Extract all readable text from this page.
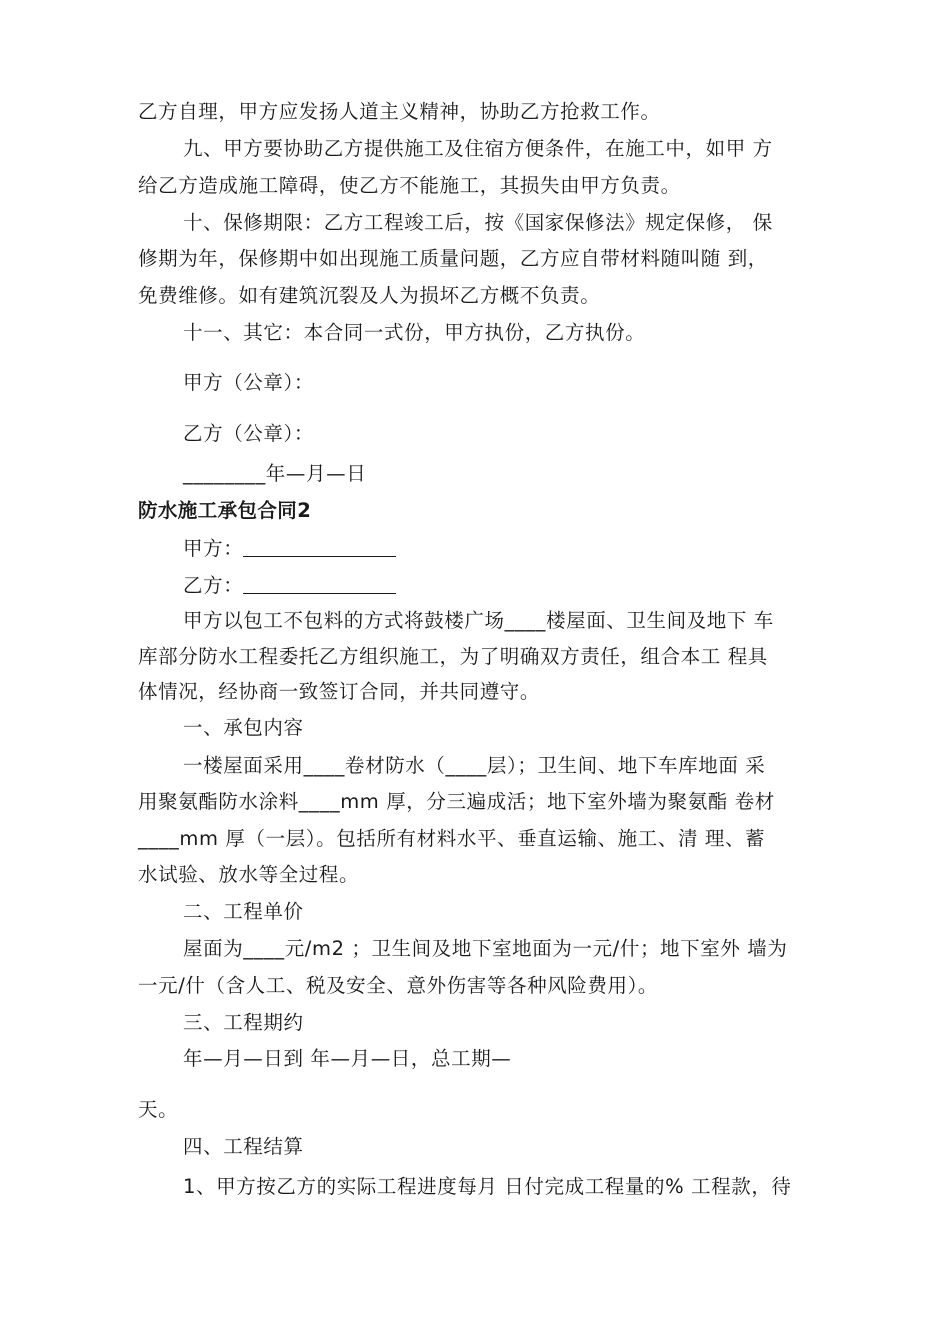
乙方自理，甲方应发扬人道主义精神，协助乙方抢救工作。
九、甲方要协助乙方提供施工及住宿方便条件，在施工中，如甲 方
给乙方造成施工障碍，使乙方不能施工，其损失由甲方负责。
十、保修期限：乙方工程竣工后，按《国家保修法》规定保修， 保
修期为年，保修期中如出现施工质量问题，乙方应自带材料随叫随 到，
免费维修。如有建筑沉裂及人为损坏乙方概不负责。
十一、其它：本合同一式份，甲方执份，乙方执份。
甲方（公章）：
乙方（公章）：
________年—月—日
防水施工承包合同2
甲方：
乙方：
甲方以包工不包料的方式将鼓楼广场____楼屋面、卫生间及地下 车
库部分防水工程委托乙方组织施工，为了明确双方责任，组合本工 程具
体情况，经协商一致签订合同，并共同遵守。
一、承包内容
一楼屋面采用____卷材防水（____层）；卫生间、地下车库地面 采
用聚氨酯防水涂料____mm 厚，分三遍成活；地下室外墙为聚氨酯 卷材
____mm 厚（一层）。包括所有材料水平、垂直运输、施工、清 理、蓄
水试验、放水等全过程。
二、工程单价
屋面为____元/m2 ；卫生间及地下室地面为一元/什；地下室外 墙为
一元/什（含人工、税及安全、意外伤害等各种风险费用）。
三、工程期约
年—月—日到 年—月—日，总工期—
天。
四、工程结算
1、甲方按乙方的实际工程进度每月 日付完成工程量的% 工程款，待
